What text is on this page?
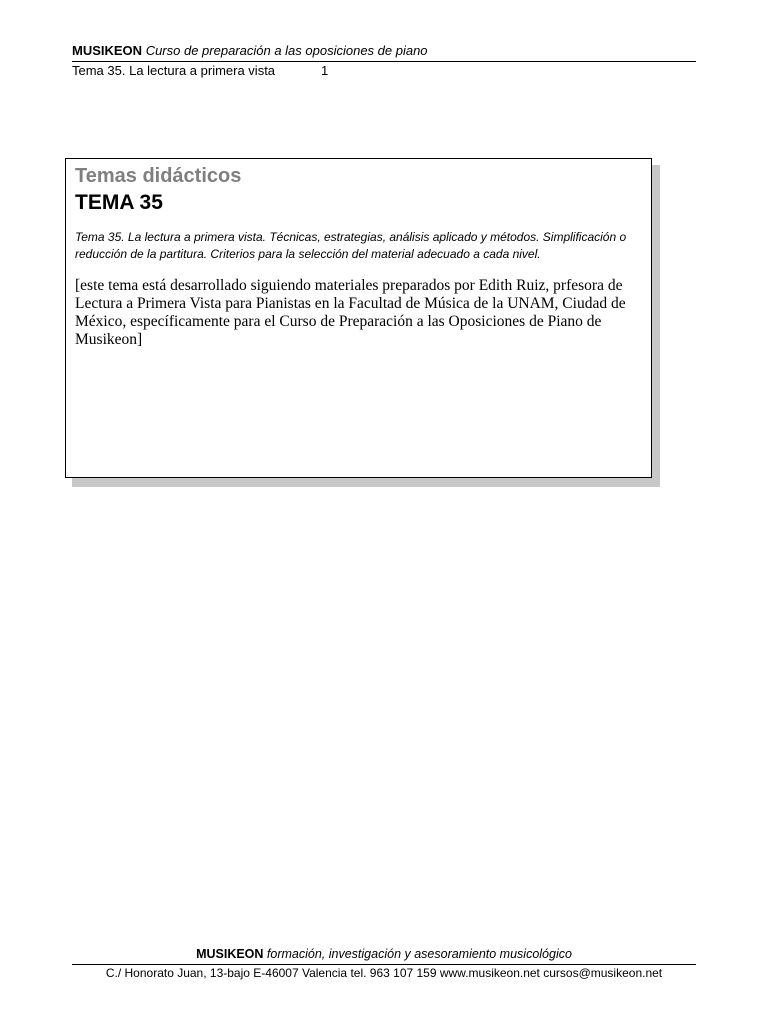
MUSIKEON Curso de preparación a las oposiciones de piano
Tema 35. La lectura a primera vista	1

Temas didácticos

TEMA 35

Tema 35. La lectura a primera vista. Técnicas, estrategias, análisis aplicado y métodos. Simplificación o reducción de la partitura. Criterios para la selección del material adecuado a cada nivel.
[este tema está desarrollado siguiendo materiales preparados por Edith Ruiz, prfesora de Lectura a Primera Vista para Pianistas en la Facultad de Música de la UNAM, Ciudad de México, específicamente para el Curso de Preparación a las Oposiciones de Piano de Musikeon]
MUSIKEON formación, investigación y asesoramiento musicológico
C./ Honorato Juan, 13-bajo E-46007 Valencia tel. 963 107 159 www.musikeon.net cursos@musikeon.net
